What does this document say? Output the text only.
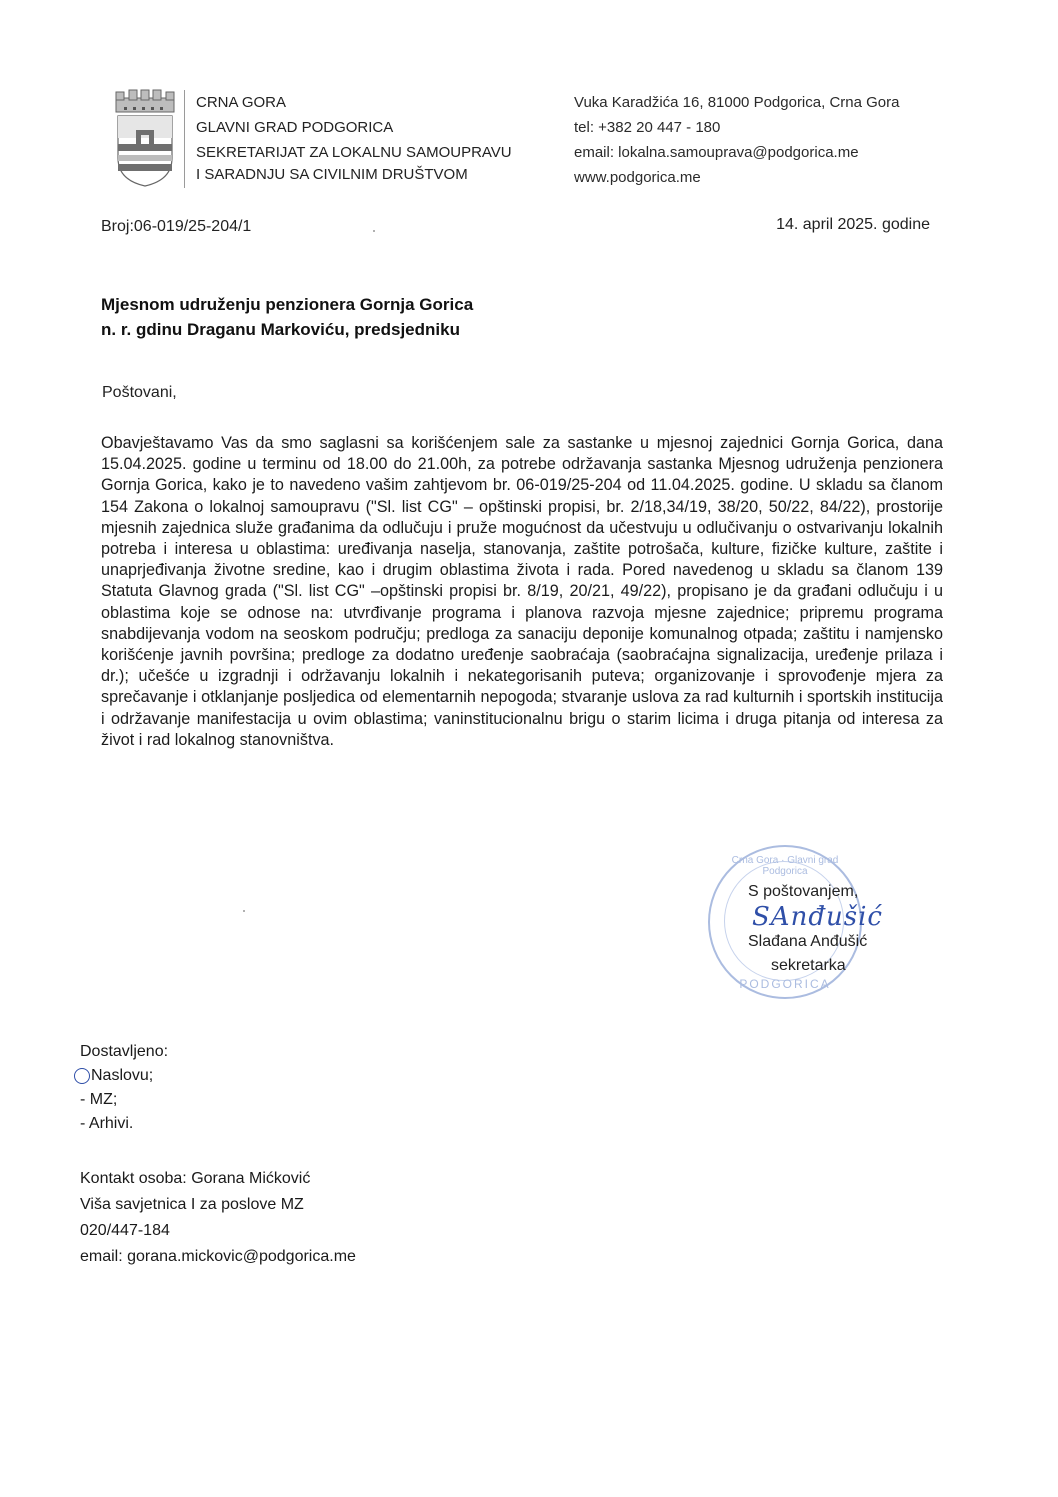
CRNA GORA
GLAVNI GRAD PODGORICA
SEKRETARIJAT ZA LOKALNU SAMOUPRAVU
I SARADNJU SA CIVILNIM DRUŠTVOM
Vuka Karadžića 16, 81000 Podgorica, Crna Gora
tel: +382 20 447 - 180
email: lokalna.samouprava@podgorica.me
www.podgorica.me
Broj:06-019/25-204/1	14. april 2025. godine
Mjesnom udruženju penzionera Gornja Gorica
n. r. gdinu Draganu Markoviću, predsjedniku
Poštovani,
Obavještavamo Vas da smo saglasni sa korišćenjem sale za sastanke u mjesnoj zajednici Gornja Gorica, dana 15.04.2025. godine u terminu od 18.00 do 21.00h, za potrebe održavanja sastanka Mjesnog udruženja penzionera Gornja Gorica, kako je to navedeno vašim zahtjevom br. 06-019/25-204 od 11.04.2025. godine. U skladu sa članom 154 Zakona o lokalnoj samoupravu ("Sl. list CG" – opštinski propisi, br. 2/18,34/19, 38/20, 50/22, 84/22), prostorije mjesnih zajednica služe građanima da odlučuju i pruže mogućnost da učestvuju u odlučivanju o ostvarivanju lokalnih potreba i interesa u oblastima: uređivanja naselja, stanovanja, zaštite potrošača, kulture, fizičke kulture, zaštite i unaprjeđivanja životne sredine, kao i drugim oblastima života i rada. Pored navedenog u skladu sa članom 139 Statuta Glavnog grada ("Sl. list CG" –opštinski propisi br. 8/19, 20/21, 49/22), propisano je da građani odlučuju i u oblastima koje se odnose na: utvrđivanje programa i planova razvoja mjesne zajednice; pripremu programa snabdijevanja vodom na seoskom području; predloga za sanaciju deponije komunalnog otpada; zaštitu i namjensko korišćenje javnih površina; predloge za dodatno uređenje saobraćaja (saobraćajna signalizacija, uređenje prilaza i dr.); učešće u izgradnji i održavanju lokalnih i nekategorisanih puteva; organizovanje i sprovođenje mjera za sprečavanje i otklanjanje posljedica od elementarnih nepogoda; stvaranje uslova za rad kulturnih i sportskih institucija i održavanje manifestacija u ovim oblastima; vaninstitucionalnu brigu o starim licima i druga pitanja od interesa za život i rad lokalnog stanovništva.
Crna Gora · Glavni grad Podgorica
PODGORICA
S poštovanjem,
SAnđušić
Slađana Anđušić
sekretarka
Dostavljeno:
Naslovu;
- MZ;
- Arhivi.
Kontakt osoba: Gorana Mićković
Viša savjetnica I za poslove MZ
020/447-184
email: gorana.mickovic@podgorica.me
